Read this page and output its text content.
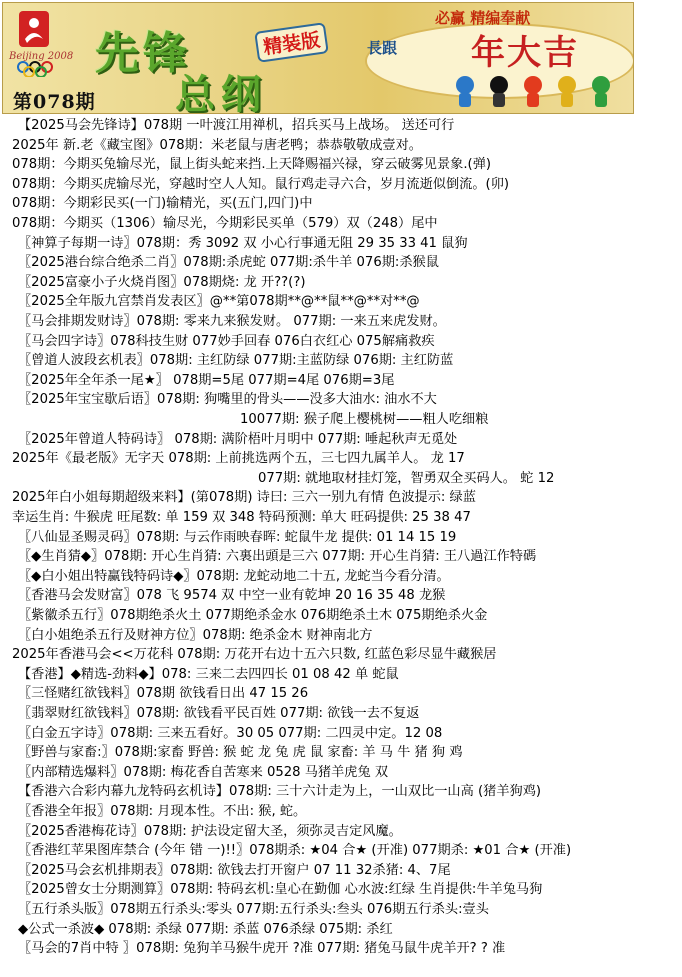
Beijing 2008 先锋
总纲
精装版
第078期
必赢 精编奉献
長跟 年大吉
【2025马会先锋诗】078期 一叶渡江用禅机，招兵买马上战场。 送还可行
2025年 新.老《藏宝图》078期：米老鼠与唐老鸭；恭恭敬敬成壹对。
078期：今期买兔输尽光，鼠上街头蛇来挡.上天降赐福兴禄，穿云破雾见景象.(弹)
078期：今期买虎输尽光，穿越时空人人知。鼠行鸡走寻六合，岁月流逝似倒流。(卯)
078期：今期彩民买(一门)输精光，买(五门,四门)中
078期：今期买（1306）输尽光，今期彩民买单（579）双（248）尾中
〖神算子每期一诗〗078期：秀 3092 双 小心行事通无阻 29 35 33 41 鼠狗
〖2025港台综合绝杀二肖〗078期:杀虎蛇 077期:杀牛羊 076期:杀猴鼠
〖2025富豪小子火烧肖图〗078期烧: 龙 开??(?)
〖2025全年版九宫禁肖发表区〗@**第078期**@**鼠**@**对**@
〖马会排期发财诗〗078期: 零来九来猴发财。 077期: 一来五来虎发财。
〖马会四字诗〗078科技生财 077妙手回春 076白衣红心 075解痛救疾
〖曾道人波段玄机表〗078期: 主红防绿 077期:主蓝防绿 076期: 主红防蓝
〖2025年全年杀一尾★〗 078期=5尾 077期=4尾 076期=3尾
〖2025年宝宝歇后语〗078期: 狗嘴里的骨头——没多大油水: 油水不大
10077期: 猴子爬上樱桃树——粗人吃细粮
〖2025年曾道人特码诗〗 078期: 满阶梧叶月明中 077期: 唾起秋声无觅处
2025年《最老版》无字天 078期: 上前挑选两个五，三七四九属羊人。 龙 17
077期: 就地取材挂灯笼，智勇双全买码人。 蛇 12
2025年白小姐每期超级来料】(第078期) 诗曰: 三六一别九有情 色波提示: 绿蓝
幸运生肖: 牛猴虎 旺尾数: 单 159 双 348 特码预测: 单大 旺码提供: 25 38 47
〖八仙显圣赐灵码〗078期: 与云作雨映春晖: 蛇鼠牛龙 提供: 01 14 15 19
〖◆生肖猜◆〗078期: 开心生肖猜: 六裏出頭是三六 077期: 开心生肖猜: 王八過江作特碼
〖◆白小姐出特赢钱特码诗◆〗078期: 龙蛇动地二十五, 龙蛇当今看分清。
〖香港马会发财富〗078 飞 9574 双 中空一业有乾坤 20 16 35 48 龙猴
〖紫徽杀五行〗078期绝杀火土 077期绝杀金水 076期绝杀土木 075期绝杀火金
〖白小姐绝杀五行及财神方位〗078期: 绝杀金木 财神南北方
2025年香港马会<<万花科 078期: 万花开右边十五六只数, 红蓝色彩尽显牛藏猴居
【香港】◆精选-劲料◆】078: 三来二去四四长 01 08 42 单 蛇鼠
〖三怪赌红欲钱料〗078期 欲钱看日出 47 15 26
〖翡翠财红欲钱料〗078期: 欲钱看平民百姓 077期: 欲钱一去不复返
〖白金五字诗〗078期: 三来五看好。30 05 077期: 二四灵中定。12 08
〖野兽与家畜:〗078期:家畜 野兽: 猴 蛇 龙 兔 虎 鼠 家畜: 羊 马 牛 猪 狗 鸡
〖内部精选爆料〗078期: 梅花香自苦寒来 0528 马猪羊虎兔 双
【香港六合彩内幕九龙特码玄机诗】078期: 三十六计走为上，一山双比一山高 (猪羊狗鸡)
〖香港全年报〗078期: 月现本性。不出: 猴, 蛇。
〖2025香港梅花诗〗078期: 护法设定留大圣，须弥灵吉定风魔。
〖香港红苹果图库禁合 (今年 错 一)!!〗078期杀: ★04 合★ (开准) 077期杀: ★01 合★ (开准)
〖2025马会玄机排期表〗078期: 欲钱去打开窗户 07 11 32杀猪: 4、7尾
〖2025曾女士分期测算〗078期: 特码玄机:皇心在勤伽 心水波:红绿 生肖提供:牛羊兔马狗
〖五行杀头版〗078期五行杀头:零头 077期:五行杀头:叁头 076期五行杀头:壹头
◆公式一杀波◆ 078期: 杀绿 077期: 杀蓝 076杀绿 075期: 杀红
〖马会的7肖中特 〗078期: 兔狗羊马猴牛虎开 ?准 077期: 猪兔马鼠牛虎羊开? ? 准
